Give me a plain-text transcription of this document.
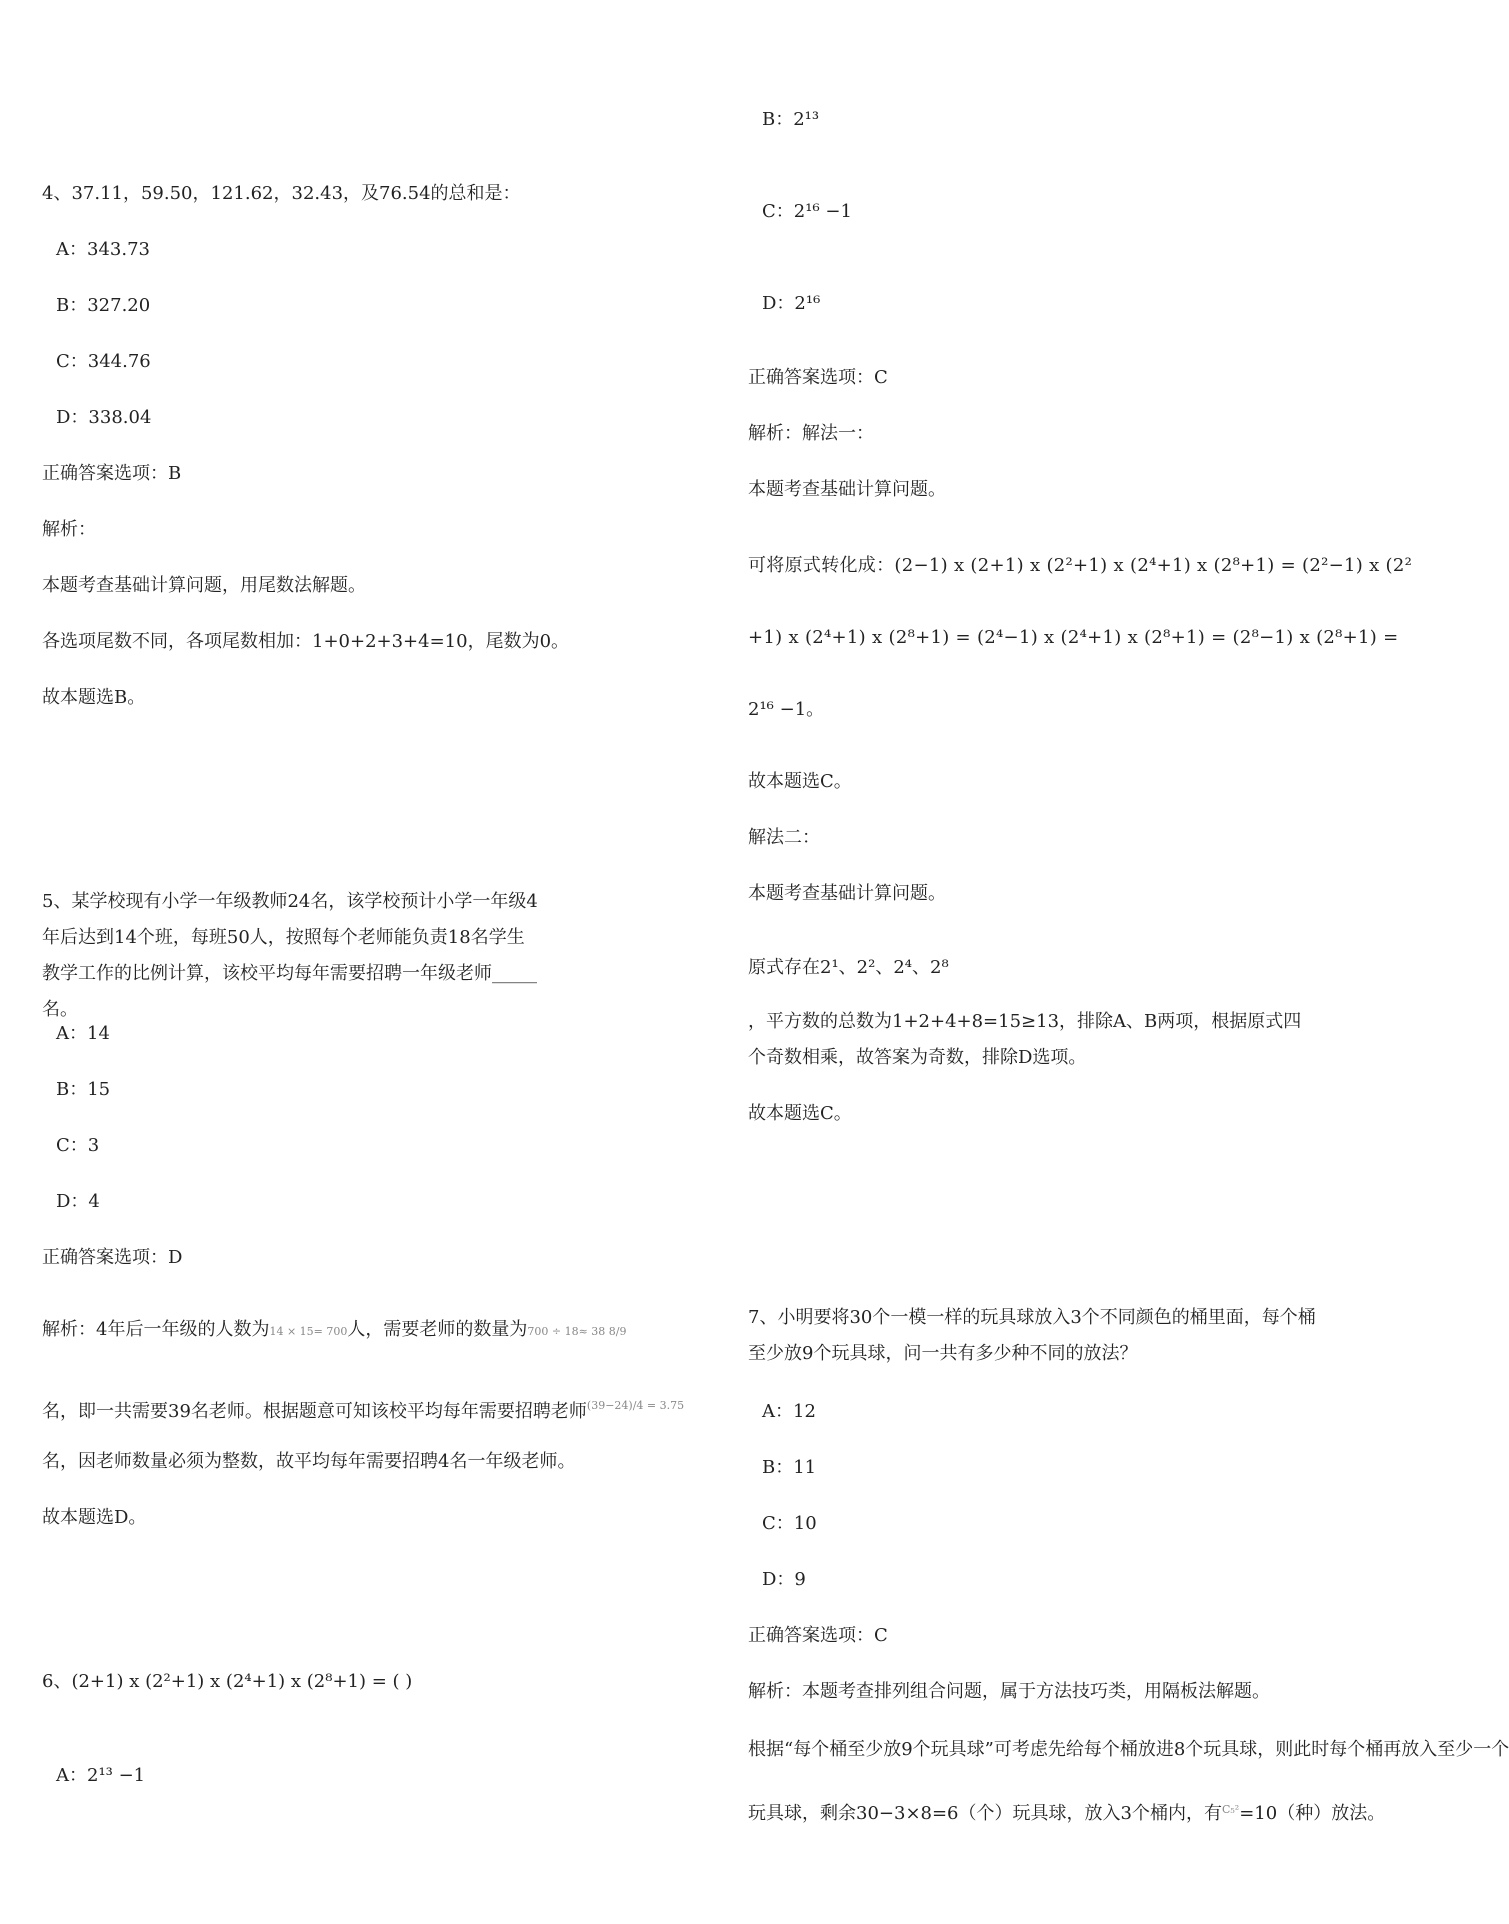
4、37.11，59.50，121.62，32.43，及76.54的总和是：
A：343.73
B：327.20
C：344.76
D：338.04
正确答案选项：B
解析：
本题考查基础计算问题，用尾数法解题。
各选项尾数不同，各项尾数相加：1+0+2+3+4=10，尾数为0。
故本题选B。
5、某学校现有小学一年级教师24名，该学校预计小学一年级4年后达到14个班，每班50人，按照每个老师能负责18名学生教学工作的比例计算，该校平均每年需要招聘一年级老师_____名。
A：14
B：15
C：3
D：4
正确答案选项：D
解析：4年后一年级的人数为14 × 15= 700人，需要老师的数量为700 ÷ 18≈ 38 8/9
名，即一共需要39名老师。根据题意可知该校平均每年需要招聘老师$^{(39-24)/4 = 3.75}$
名，因老师数量必须为整数，故平均每年需要招聘4名一年级老师。
故本题选D。
6、(2+1) x (2²+1) x (2⁴+1) x (2⁸+1) = ( )
A：2¹³ −1
B：2¹³
C：2¹⁶ −1
D：2¹⁶
正确答案选项：C
解析：解法一：
本题考查基础计算问题。
可将原式转化成：(2−1) x (2+1) x (2²+1) x (2⁴+1) x (2⁸+1) = (2²−1) x (2²
+1) x (2⁴+1) x (2⁸+1) = (2⁴−1) x (2⁴+1) x (2⁸+1) = (2⁸−1) x (2⁸+1) =
2¹⁶ −1。
故本题选C。
解法二：
本题考查基础计算问题。
原式存在2¹、2²、2⁴、2⁸
，平方数的总数为1+2+4+8=15≥13，排除A、B两项，根据原式四个奇数相乘，故答案为奇数，排除D选项。
故本题选C。
7、小明要将30个一模一样的玩具球放入3个不同颜色的桶里面，每个桶至少放9个玩具球，问一共有多少种不同的放法？
A：12
B：11
C：10
D：9
正确答案选项：C
解析：本题考查排列组合问题，属于方法技巧类，用隔板法解题。
根据“每个桶至少放9个玩具球”可考虑先给每个桶放进8个玩具球，则此时每个桶再放入至少一个
玩具球，剩余30−3×8=6（个）玩具球，放入3个桶内，有$^{C_5^2}$=10（种）放法。
